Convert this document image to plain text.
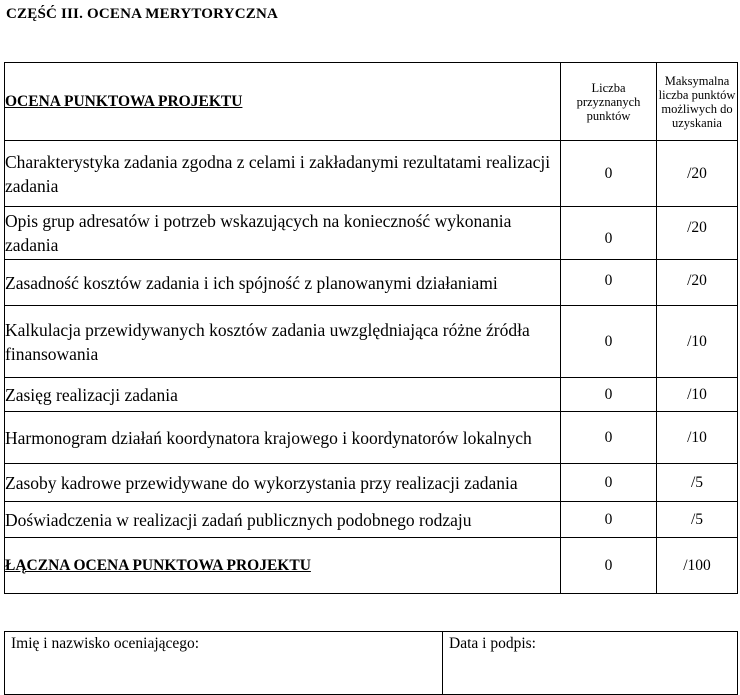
CZĘŚĆ III. OCENA MERYTORYCZNA
OCENA PUNKTOWA PROJEKTU	Liczba przyznanych punktów	Maksymalna liczba punktów możliwych do uzyskania
Charakterystyka zadania zgodna z celami i zakładanymi rezultatami realizacji zadania	0	/20
Opis grup adresatów i potrzeb wskazujących na konieczność wykonania zadania	0	/20
Zasadność kosztów zadania i ich spójność z planowanymi działaniami	0	/20
Kalkulacja przewidywanych kosztów zadania uwzględniająca różne źródła finansowania	0	/10
Zasięg realizacji zadania	0	/10
Harmonogram działań koordynatora krajowego i koordynatorów lokalnych	0	/10
Zasoby kadrowe przewidywane do wykorzystania przy realizacji zadania	0	/5
Doświadczenia w realizacji zadań publicznych podobnego rodzaju	0	/5
ŁĄCZNA OCENA PUNKTOWA PROJEKTU	0	/100
Imię i nazwisko oceniającego:	Data i podpis:
